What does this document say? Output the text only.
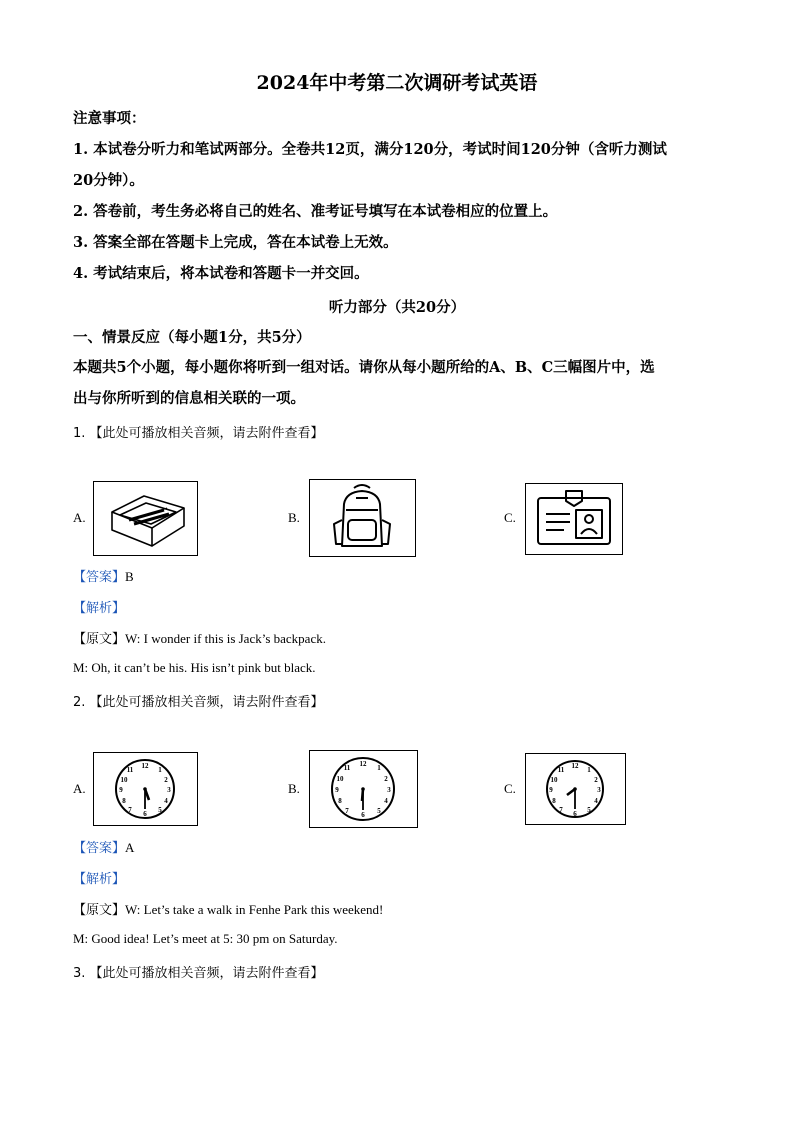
2024年中考第二次调研考试英语
注意事项：
1. 本试卷分听力和笔试两部分。全卷共12页，满分120分，考试时间120分钟（含听力测试
20分钟）。
2. 答卷前，考生务必将自己的姓名、准考证号填写在本试卷相应的位置上。
3. 答案全部在答题卡上完成，答在本试卷上无效。
4. 考试结束后，将本试卷和答题卡一并交回。
听力部分（共20分）
一、情景反应（每小题1分，共5分）
本题共5个小题，每小题你将听到一组对话。请你从每小题所给的A、B、C三幅图片中，选
出与你所听到的信息相关联的一项。
1. 【此处可播放相关音频，请去附件查看】
A.	B.	C.
【答案】B
【解析】
【原文】W: I wonder if this is Jack’s backpack.
M: Oh, it can’t be his. His isn’t pink but black.
2. 【此处可播放相关音频，请去附件查看】
A.
12 1
2
3
4
5
6
7
8
9
10
11
B.
12 1
2
3
4
5
6
7
8
9
10
11
C.
12 1
2
3
4
5
6
7
8
9
10
11
【答案】A
【解析】
【原文】W: Let’s take a walk in Fenhe Park this weekend!
M: Good idea! Let’s meet at 5: 30 pm on Saturday.
3. 【此处可播放相关音频，请去附件查看】
